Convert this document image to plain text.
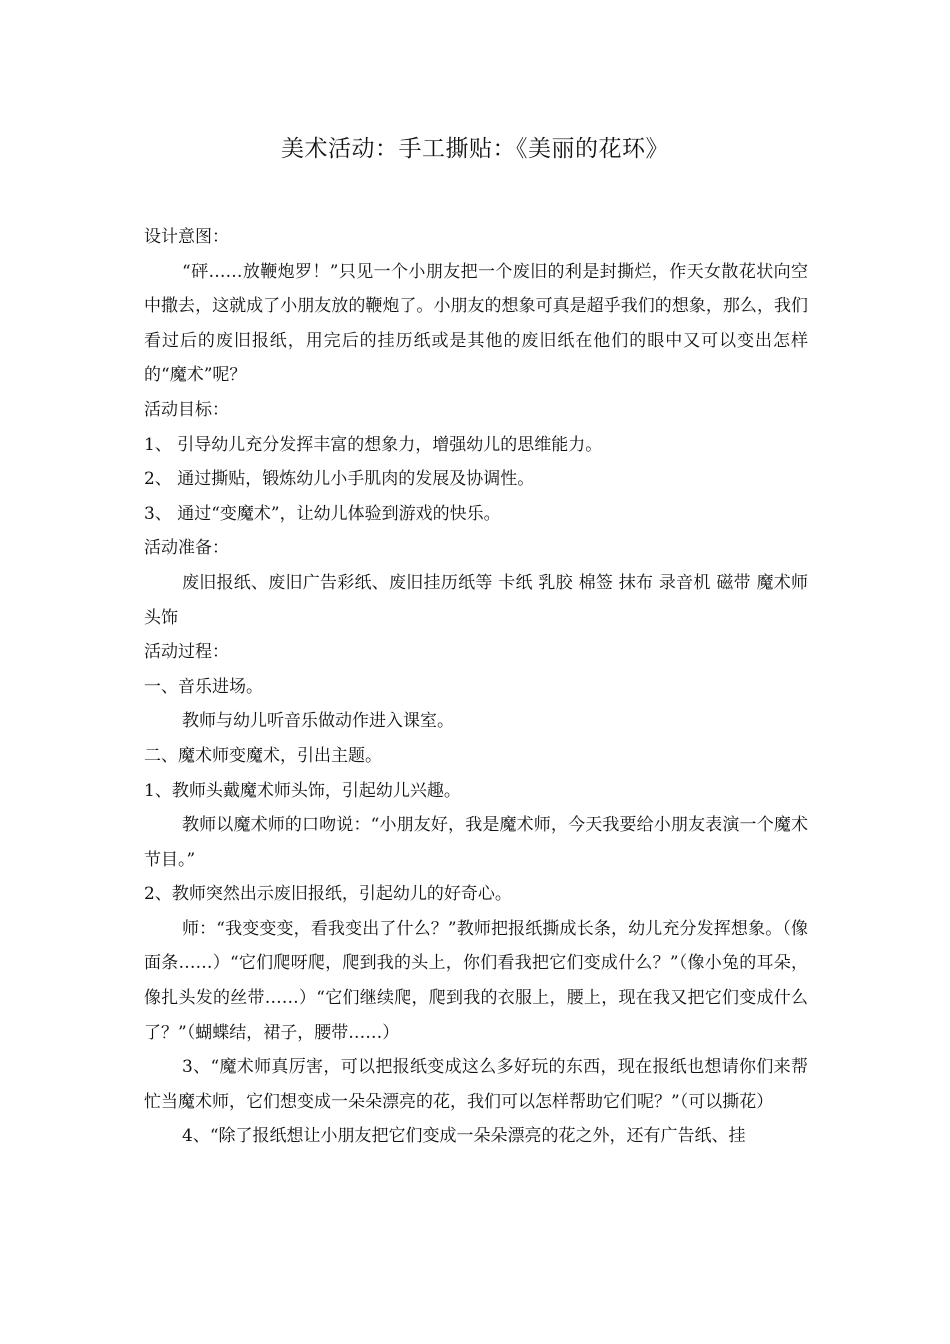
美术活动：手工撕贴：《美丽的花环》

设计意图：

“砰……放鞭炮罗！”只见一个小朋友把一个废旧的利是封撕烂，作天女散花状向空中撒去，这就成了小朋友放的鞭炮了。小朋友的想象可真是超乎我们的想象，那么，我们看过后的废旧报纸，用完后的挂历纸或是其他的废旧纸在他们的眼中又可以变出怎样的“魔术”呢？

活动目标：

1、 引导幼儿充分发挥丰富的想象力，增强幼儿的思维能力。

2、 通过撕贴，锻炼幼儿小手肌肉的发展及协调性。

3、 通过“变魔术”，让幼儿体验到游戏的快乐。

活动准备：

废旧报纸、废旧广告彩纸、废旧挂历纸等 卡纸 乳胶 棉签 抹布 录音机 磁带 魔术师头饰

活动过程：

一、音乐进场。

教师与幼儿听音乐做动作进入课室。

二、魔术师变魔术，引出主题。

1、教师头戴魔术师头饰，引起幼儿兴趣。

教师以魔术师的口吻说：“小朋友好，我是魔术师，今天我要给小朋友表演一个魔术节目。”

2、教师突然出示废旧报纸，引起幼儿的好奇心。

师：“我变变变，看我变出了什么？”教师把报纸撕成长条，幼儿充分发挥想象。（像面条……）“它们爬呀爬，爬到我的头上，你们看我把它们变成什么？”（像小兔的耳朵，像扎头发的丝带……）“它们继续爬，爬到我的衣服上，腰上，现在我又把它们变成什么了？”（蝴蝶结，裙子，腰带……）

3、“魔术师真厉害，可以把报纸变成这么多好玩的东西，现在报纸也想请你们来帮忙当魔术师，它们想变成一朵朵漂亮的花，我们可以怎样帮助它们呢？”（可以撕花）

4、“除了报纸想让小朋友把它们变成一朵朵漂亮的花之外，还有广告纸、挂
